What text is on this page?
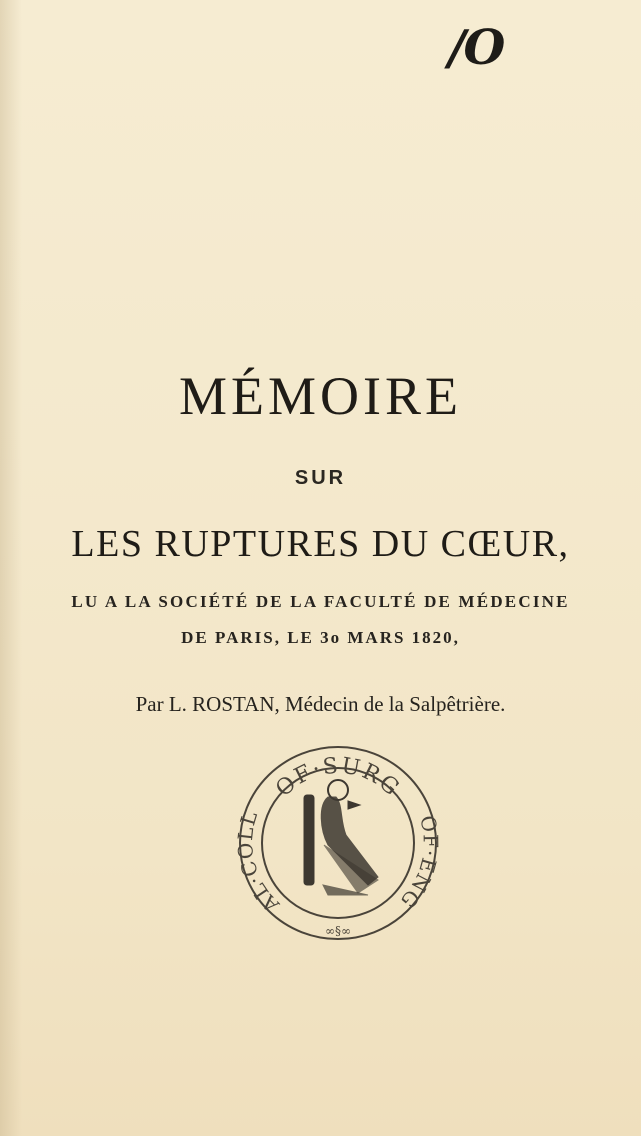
/O
MÉMOIRE
SUR
LES RUPTURES DU CŒUR,
LU A LA SOCIÉTÉ DE LA FACULTÉ DE MÉDECINE
DE PARIS, LE 3o MARS 1820,
Par L. ROSTAN, Médecin de la Salpêtrière.
OF·SURG
AL·COLL	OF·ENG
∞§∞
